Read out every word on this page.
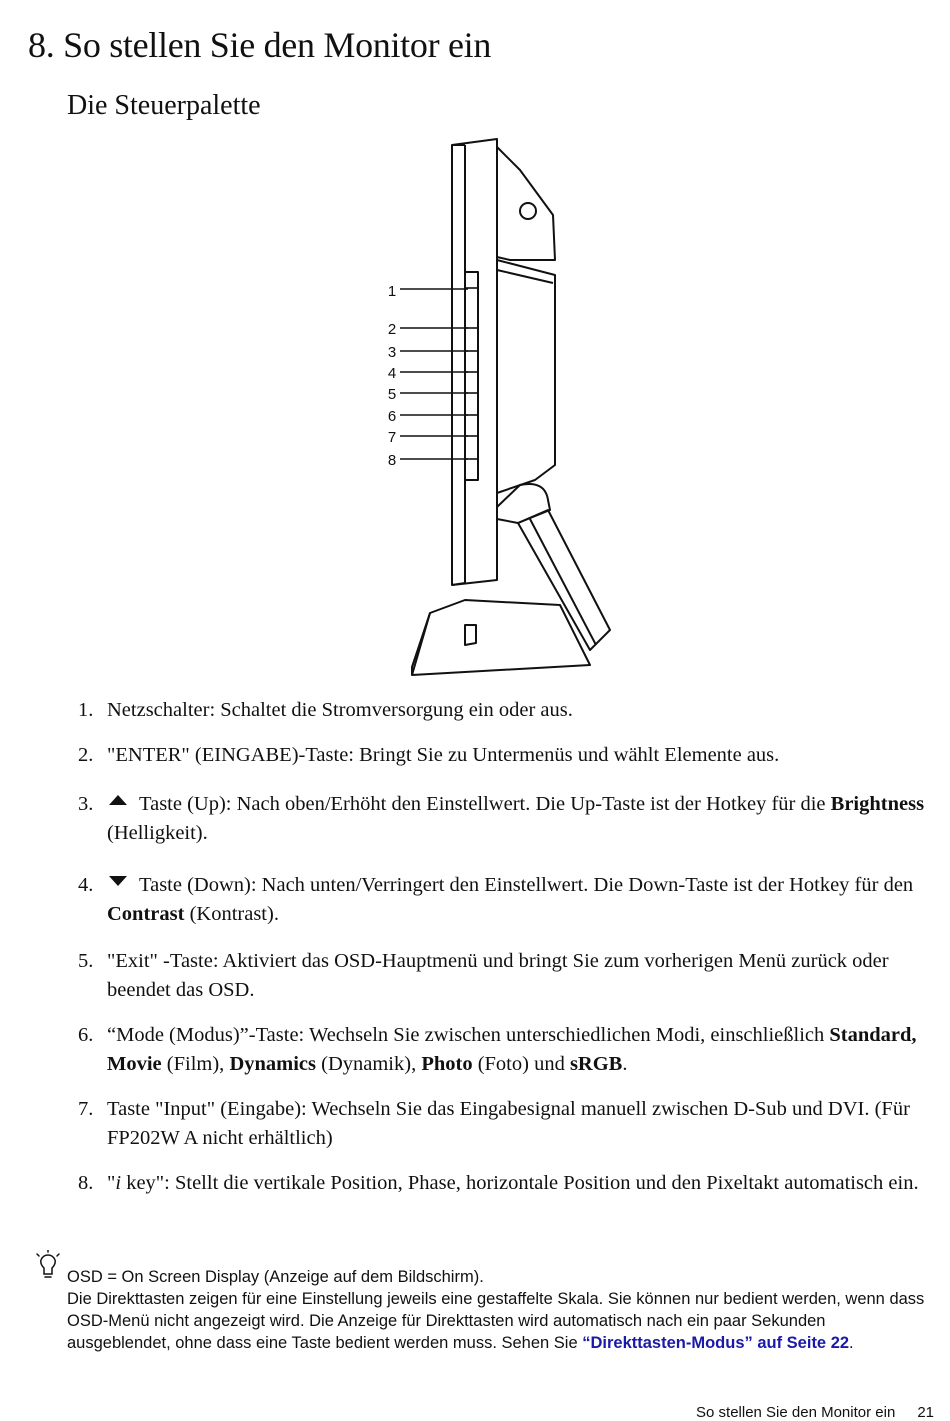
8. So stellen Sie den Monitor ein
Die Steuerpalette
1
2
3
4
5
6
7
8
1. Netzschalter: Schaltet die Stromversorgung ein oder aus.
2. "ENTER" (EINGABE)-Taste: Bringt Sie zu Untermenüs und wählt Elemente aus.
3.	Taste (Up): Nach oben/Erhöht den Einstellwert. Die Up-Taste ist der Hotkey für die Brightness (Helligkeit).
4.	Taste (Down): Nach unten/Verringert den Einstellwert. Die Down-Taste ist der Hotkey für den Contrast (Kontrast).
5. "Exit" -Taste: Aktiviert das OSD-Hauptmenü und bringt Sie zum vorherigen Menü zurück oder beendet das OSD.
6. “Mode (Modus)”-Taste: Wechseln Sie zwischen unterschiedlichen Modi, einschließlich Standard, Movie (Film), Dynamics (Dynamik), Photo (Foto) und sRGB.
7. Taste "Input" (Eingabe): Wechseln Sie das Eingabesignal manuell zwischen D-Sub und DVI. (Für FP202W A nicht erhältlich)
8. "i key": Stellt die vertikale Position, Phase, horizontale Position und den Pixeltakt automatisch ein.
OSD = On Screen Display (Anzeige auf dem Bildschirm).
Die Direkttasten zeigen für eine Einstellung jeweils eine gestaffelte Skala. Sie können nur bedient werden, wenn dass OSD-Menü nicht angezeigt wird. Die Anzeige für Direkttasten wird automatisch nach ein paar Sekunden ausgeblendet, ohne dass eine Taste bedient werden muss. Sehen Sie “Direkttasten-Modus” auf Seite 22.
So stellen Sie den Monitor ein 21
